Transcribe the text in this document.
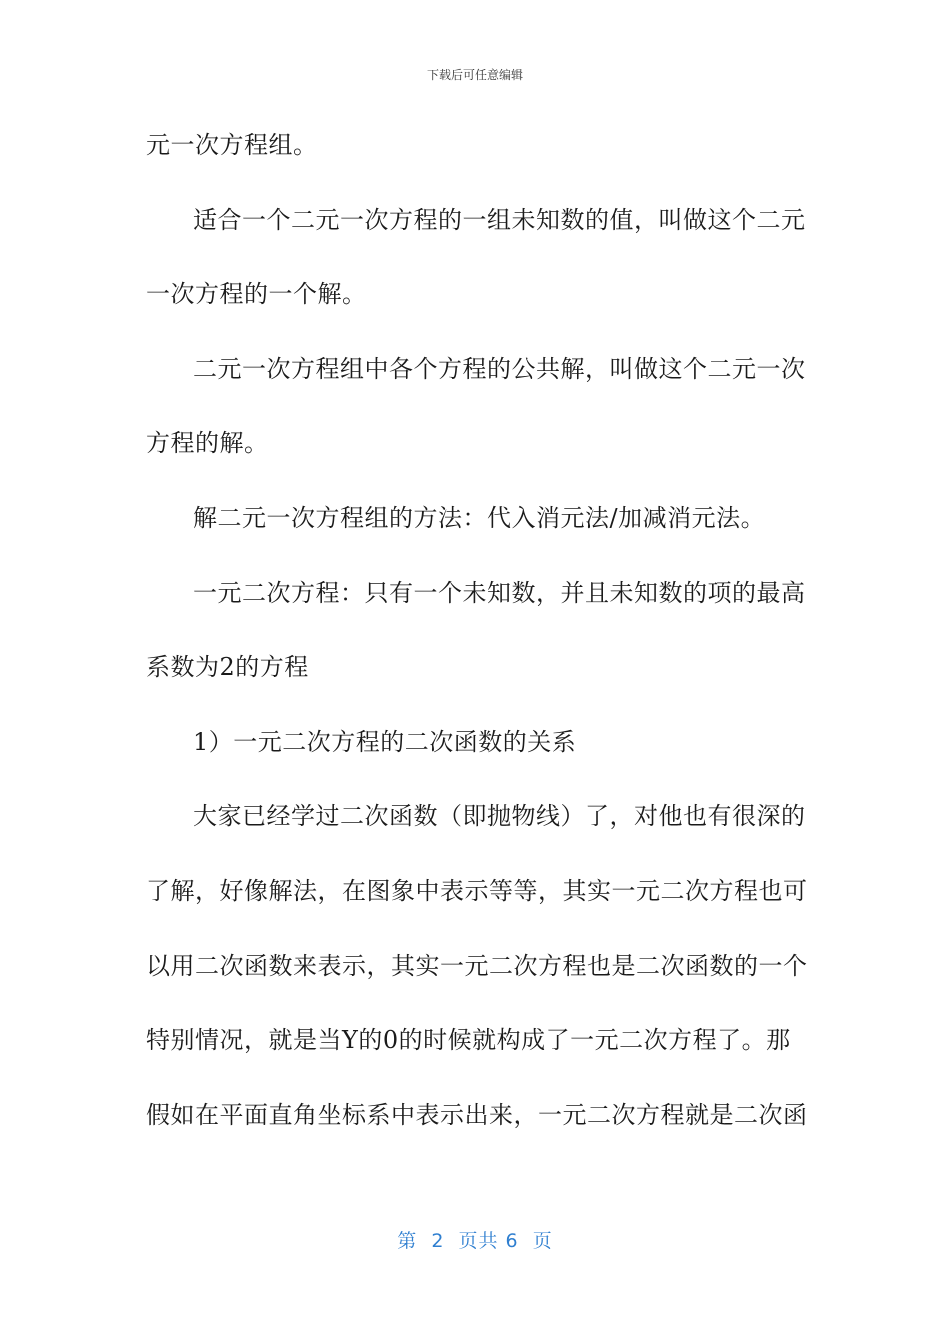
下载后可任意编辑
元一次方程组。
适合一个二元一次方程的一组未知数的值，叫做这个二元
一次方程的一个解。
二元一次方程组中各个方程的公共解，叫做这个二元一次
方程的解。
解二元一次方程组的方法：代入消元法/加减消元法。
一元二次方程：只有一个未知数，并且未知数的项的最高
系数为2的方程
1）一元二次方程的二次函数的关系
大家已经学过二次函数（即抛物线）了，对他也有很深的
了解，好像解法，在图象中表示等等，其实一元二次方程也可
以用二次函数来表示，其实一元二次方程也是二次函数的一个
特别情况，就是当Y的0的时候就构成了一元二次方程了。那
假如在平面直角坐标系中表示出来，一元二次方程就是二次函
第  2  页共 6  页
